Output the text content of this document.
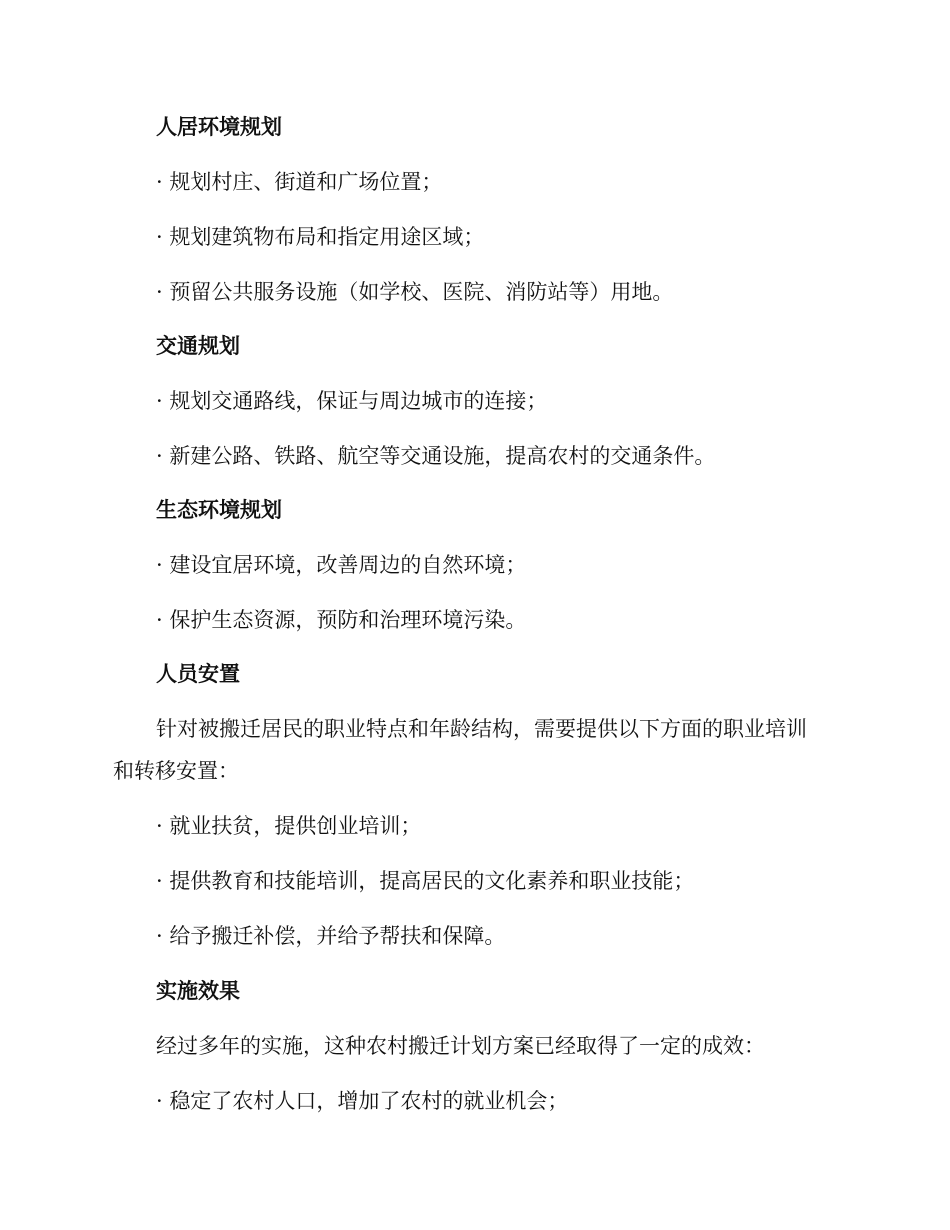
人居环境规划
· 规划村庄、街道和广场位置；
· 规划建筑物布局和指定用途区域；
· 预留公共服务设施（如学校、医院、消防站等）用地。
交通规划
· 规划交通路线，保证与周边城市的连接；
· 新建公路、铁路、航空等交通设施，提高农村的交通条件。
生态环境规划
· 建设宜居环境，改善周边的自然环境；
· 保护生态资源，预防和治理环境污染。
人员安置
针对被搬迁居民的职业特点和年龄结构，需要提供以下方面的职业培训
和转移安置：
· 就业扶贫，提供创业培训；
· 提供教育和技能培训，提高居民的文化素养和职业技能；
· 给予搬迁补偿，并给予帮扶和保障。
实施效果
经过多年的实施，这种农村搬迁计划方案已经取得了一定的成效：
· 稳定了农村人口，增加了农村的就业机会；
